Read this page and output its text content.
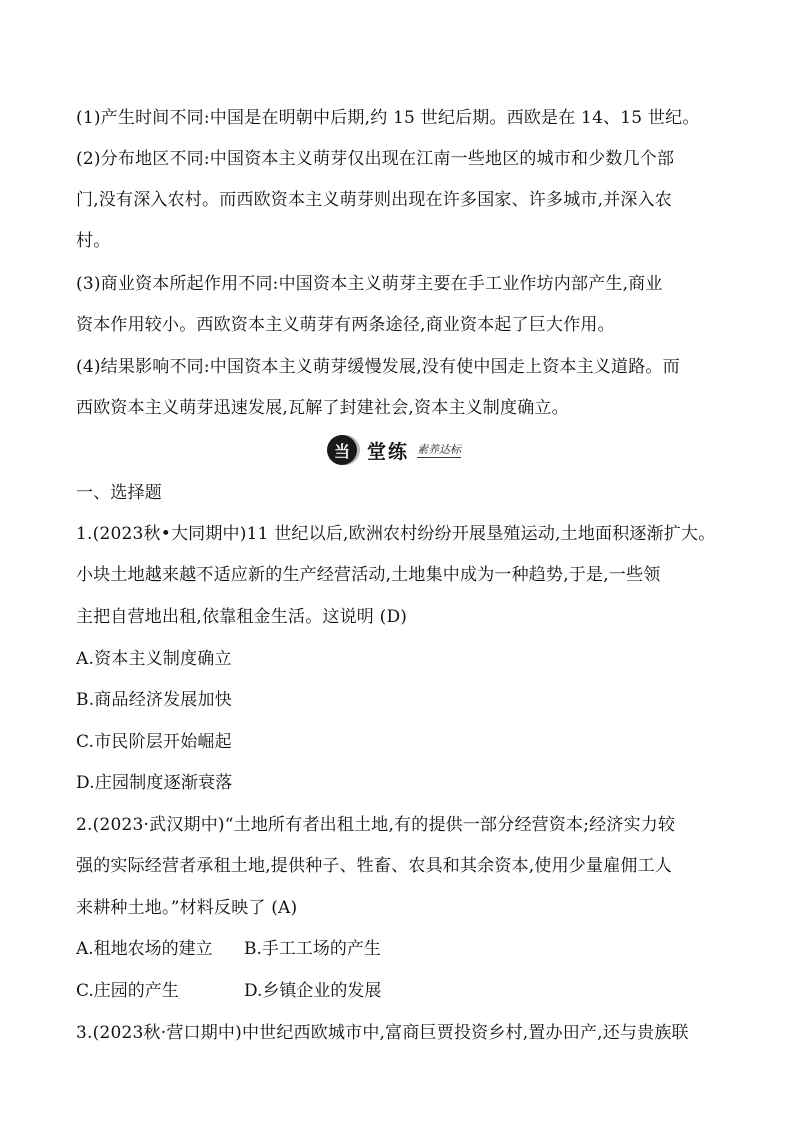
(1)产生时间不同:中国是在明朝中后期,约 15 世纪后期。西欧是在 14、15 世纪。
(2)分布地区不同:中国资本主义萌芽仅出现在江南一些地区的城市和少数几个部
门,没有深入农村。而西欧资本主义萌芽则出现在许多国家、许多城市,并深入农
村。
(3)商业资本所起作用不同:中国资本主义萌芽主要在手工业作坊内部产生,商业
资本作用较小。西欧资本主义萌芽有两条途径,商业资本起了巨大作用。
(4)结果影响不同:中国资本主义萌芽缓慢发展,没有使中国走上资本主义道路。而
西欧资本主义萌芽迅速发展,瓦解了封建社会,资本主义制度确立。
当 堂练 素养达标
一、选择题
1.(2023秋•大同期中)11 世纪以后,欧洲农村纷纷开展垦殖运动,土地面积逐渐扩大。
小块土地越来越不适应新的生产经营活动,土地集中成为一种趋势,于是,一些领
主把自营地出租,依靠租金生活。这说明 (D)
A.资本主义制度确立
B.商品经济发展加快
C.市民阶层开始崛起
D.庄园制度逐渐衰落
2.(2023·武汉期中)“土地所有者出租土地,有的提供一部分经营资本;经济实力较
强的实际经营者承租土地,提供种子、牲畜、农具和其余资本,使用少量雇佣工人
来耕种土地。”材料反映了 (A)
A.租地农场的建立 B.手工工场的产生
C.庄园的产生	D.乡镇企业的发展
3.(2023秋·营口期中)中世纪西欧城市中,富商巨贾投资乡村,置办田产,还与贵族联
